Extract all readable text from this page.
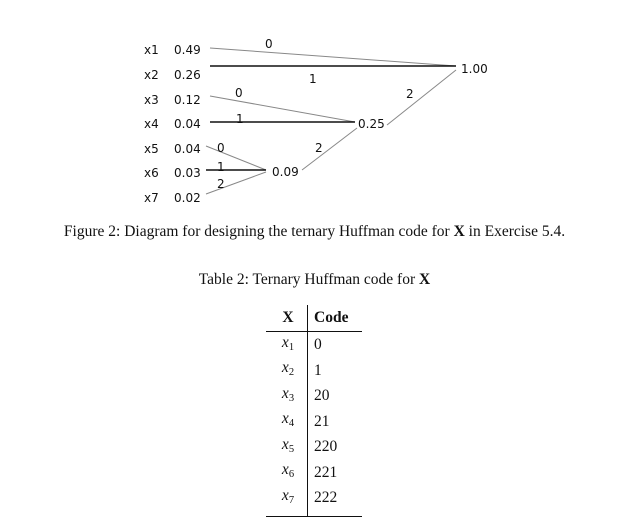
x1
x2
x3
x4
x5
x6
x7
0.49
0.26
0.12
0.04
0.04
0.03
0.02
1.00
0.25
0.09
0
1
2
0
1
2
0
1
2
Figure 2: Diagram for designing the ternary Huffman code for X in Exercise 5.4.
Table 2: Ternary Huffman code for X
X	Code
x1	0
x2	1
x3	20
x4	21
x5	220
x6	221
x7	222
